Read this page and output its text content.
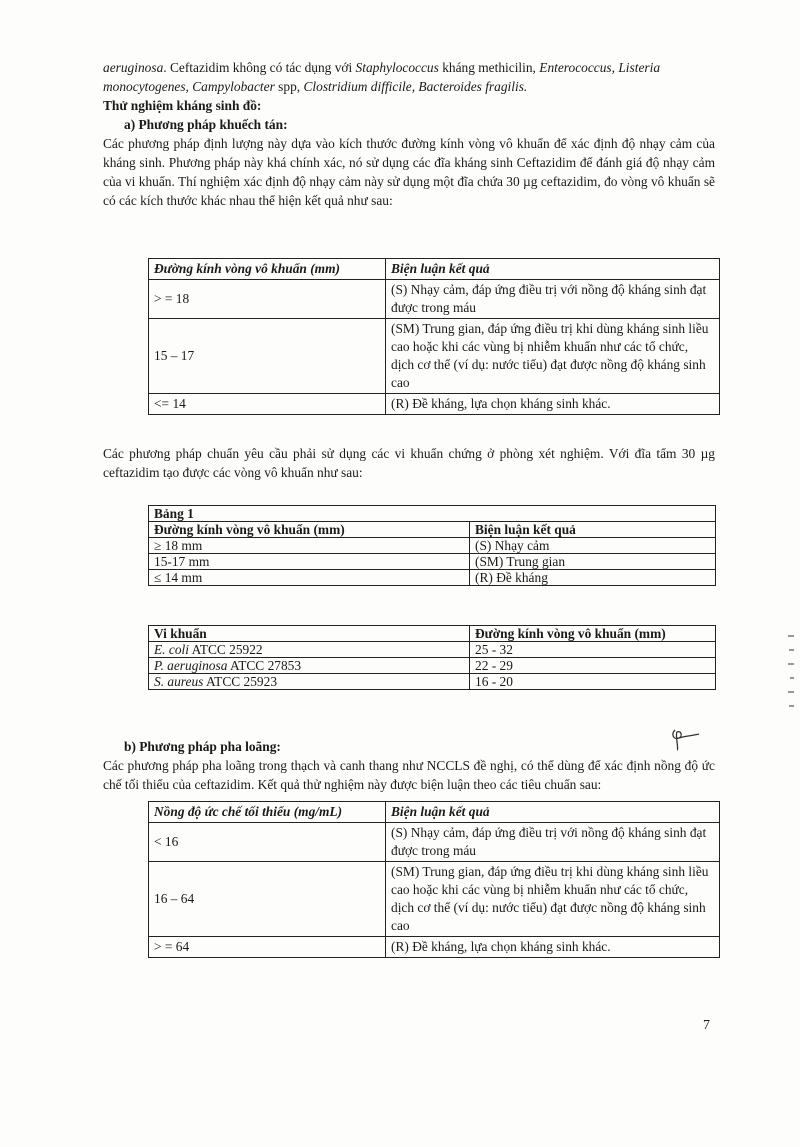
aeruginosa. Ceftazidim không có tác dụng với Staphylococcus kháng methicilin, Enterococcus, Listeria monocytogenes, Campylobacter spp, Clostridium difficile, Bacteroides fragilis.

Thử nghiệm kháng sinh đồ:

a) Phương pháp khuếch tán:

Các phương pháp định lượng này dựa vào kích thước đường kính vòng vô khuẩn để xác định độ nhạy cảm của kháng sinh. Phương pháp này khá chính xác, nó sử dụng các đĩa kháng sinh Ceftazidim để đánh giá độ nhạy cảm của vi khuẩn. Thí nghiệm xác định độ nhạy cảm này sử dụng một đĩa chứa 30 µg ceftazidim, đo vòng vô khuẩn sẽ có các kích thước khác nhau thể hiện kết quả như sau:

Đường kính vòng vô khuẩn (mm)	Biện luận kết quả
> = 18	(S) Nhạy cảm, đáp ứng điều trị với nồng độ kháng sinh đạt được trong máu
15 – 17	(SM) Trung gian, đáp ứng điều trị khi dùng kháng sinh liều cao hoặc khi các vùng bị nhiễm khuẩn như các tổ chức, dịch cơ thể (ví dụ: nước tiểu) đạt được nồng độ kháng sinh cao
<= 14	(R) Đề kháng, lựa chọn kháng sinh khác.

Các phương pháp chuẩn yêu cầu phải sử dụng các vi khuẩn chứng ở phòng xét nghiệm. Với đĩa tẩm 30 µg ceftazidim tạo được các vòng vô khuẩn như sau:

Bảng 1	
Đường kính vòng vô khuẩn (mm)	Biện luận kết quả
≥ 18 mm	(S) Nhạy cảm
15-17 mm	(SM) Trung gian
≤ 14 mm	(R) Đề kháng
Vi khuẩn	Đường kính vòng vô khuẩn (mm)
E. coli ATCC 25922	25 - 32
P. aeruginosa ATCC 27853	22 - 29
S. aureus ATCC 25923	16 - 20

b) Phương pháp pha loãng:

Các phương pháp pha loãng trong thạch và canh thang như NCCLS đề nghị, có thể dùng để xác định nồng độ ức chế tối thiểu của ceftazidim. Kết quả thử nghiệm này được biện luận theo các tiêu chuẩn sau:

Nồng độ ức chế tối thiểu (mg/mL)	Biện luận kết quả
< 16	(S) Nhạy cảm, đáp ứng điều trị với nồng độ kháng sinh đạt được trong máu
16 – 64	(SM) Trung gian, đáp ứng điều trị khi dùng kháng sinh liều cao hoặc khi các vùng bị nhiễm khuẩn như các tổ chức, dịch cơ thể (ví dụ: nước tiểu) đạt được nồng độ kháng sinh cao
> = 64	(R) Đề kháng, lựa chọn kháng sinh khác.
7
